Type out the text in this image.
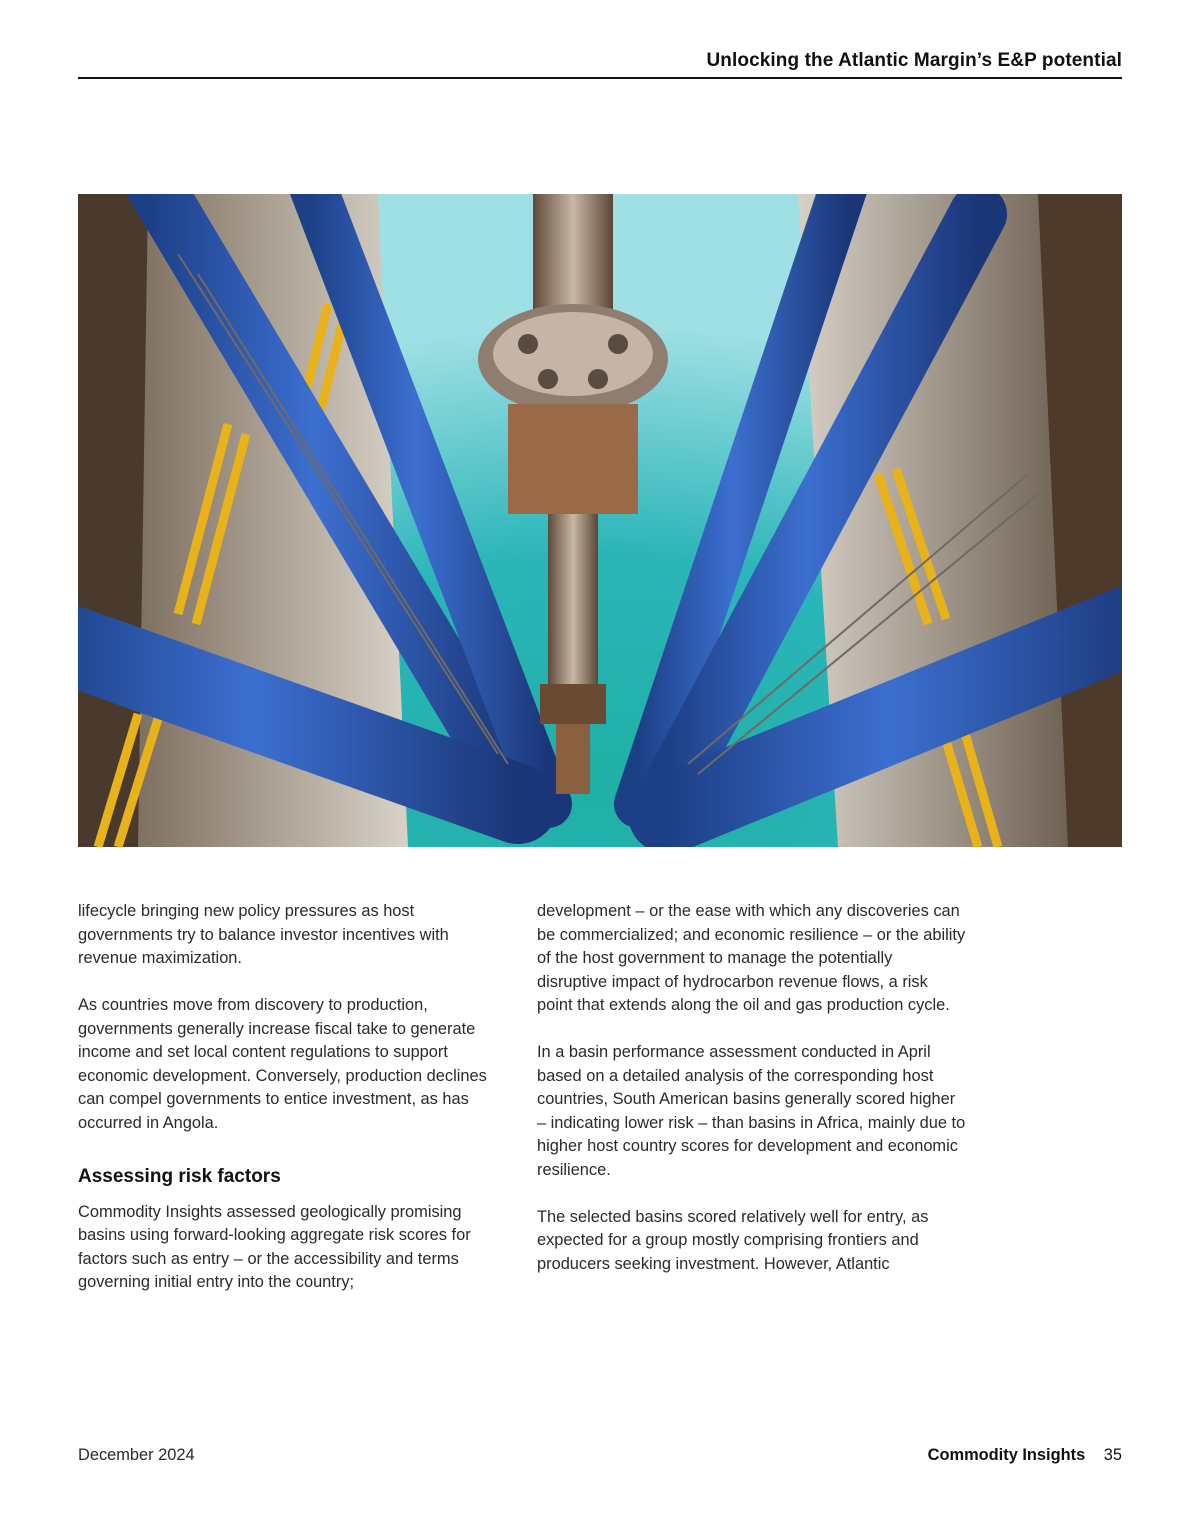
Unlocking the Atlantic Margin’s E&P potential

lifecycle bringing new policy pressures as host governments try to balance investor incentives with revenue maximization.

As countries move from discovery to production, governments generally increase fiscal take to generate income and set local content regulations to support economic development. Conversely, production declines can compel governments to entice investment, as has occurred in Angola.

Assessing risk factors

Commodity Insights assessed geologically promising basins using forward-looking aggregate risk scores for factors such as entry – or the accessibility and terms governing initial entry into the country;

development – or the ease with which any discoveries can be commercialized; and economic resilience – or the ability of the host government to manage the potentially disruptive impact of hydrocarbon revenue flows, a risk point that extends along the oil and gas production cycle.

In a basin performance assessment conducted in April based on a detailed analysis of the corresponding host countries, South American basins generally scored higher – indicating lower risk – than basins in Africa, mainly due to higher host country scores for development and economic resilience.

The selected basins scored relatively well for entry, as expected for a group mostly comprising frontiers and producers seeking investment. However, Atlantic

December 2024	Commodity Insights 35
